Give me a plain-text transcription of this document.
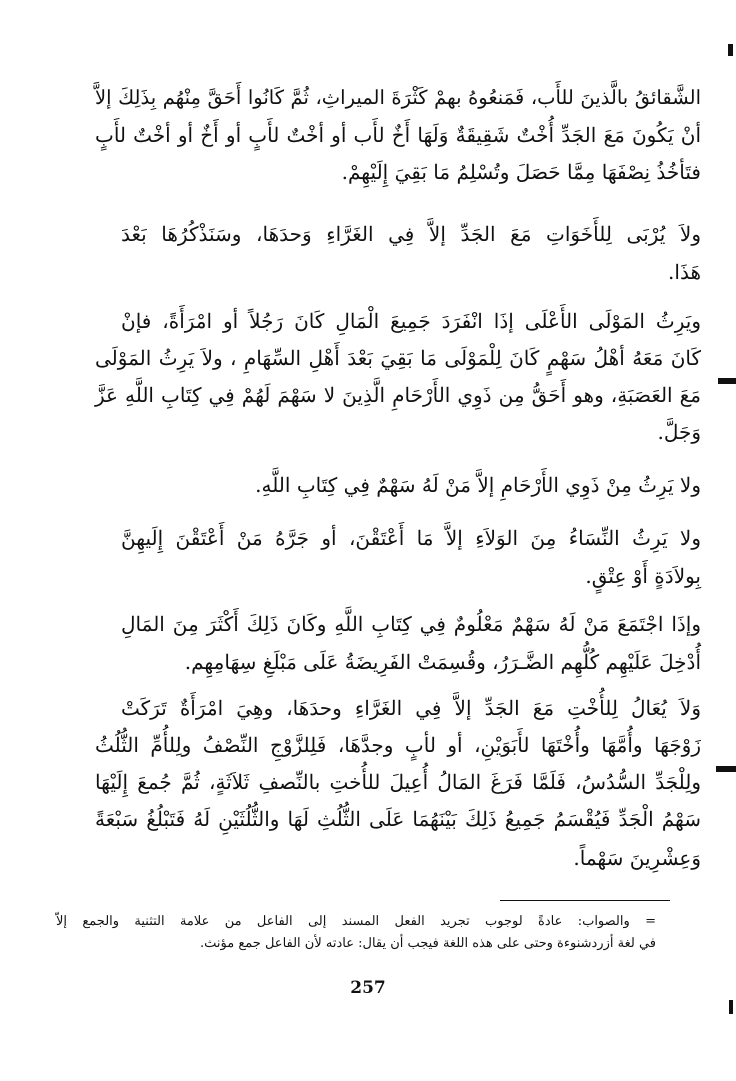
الشَّقائقُ بالَّذينَ للأَب، فَمَنعُوهُ بهمْ كَثْرَةَ الميراثِ، ثُمَّ كَانُوا أَحَقَّ مِنْهُم بِذَلِكَ إلاَّ
أنْ يَكُونَ مَعَ الجَدِّ أُخْتٌ شَقِيقَةٌ وَلَهَا أَخٌ لأَب أو أخْتٌ لأَبٍ أو أَخٌ أو أخْتٌ لأَبٍ
فتَأخُذُ نِصْفَهَا مِمَّا حَصَلَ وتُسْلِمُ مَا بَقِيَ إِلَيْهِمْ.
ولاَ يُرْبَى لِلأَخَوَاتِ مَعَ الجَدِّ إلاَّ فِي الغَرَّاءِ وَحدَهَا، وسَنَذْكُرُهَا بَعْدَ
هَذَا.
ويَرِثُ المَوْلَى الأَعْلَى إذَا انْفَرَدَ جَمِيعَ الْمَالِ كَانَ رَجُلاً أو امْرَأَةً، فإنْ
كَانَ مَعَهُ أهْلُ سَهْمٍ كَانَ لِلْمَوْلَى مَا بَقِيَ بَعْدَ أَهْلِ السِّهَامِ ، ولاَ يَرِثُ المَوْلَى
مَعَ العَصَبَةِ، وهو أَحَقُّ مِن ذَوِي الأَرْحَامِ الَّذِينَ لا سَهْمَ لَهُمْ فِي كِتَابِ اللَّهِ عَزَّ
وَجَلَّ.
ولا يَرِثُ مِنْ ذَوِي الأَرْحَامِ إلاَّ مَنْ لَهُ سَهْمٌ فِي كِتَابِ اللَّهِ.
ولا يَرِثُ النِّسَاءُ مِنَ الوَلاَءِ إلاَّ مَا أَعْتَقْنَ، أو جَرَّهُ مَنْ أَعْتَقْنَ إِلَيهِنَّ
بِولاَدَةٍ أَوْ عِتْقٍ.
وإذَا اجْتَمَعَ مَنْ لَهُ سَهْمٌ مَعْلُومٌ فِي كِتَابِ اللَّهِ وكَانَ ذَلِكَ أَكْثَرَ مِنَ المَالِ
أُدْخِلَ عَلَيْهِم كُلُّهِم الضَّـرَرُ، وقُسِمَتْ الفَرِيضَةُ عَلَى مَبْلَغِ سِهَامِهِم.
وَلاَ يُعَالُ لِلأُخْتِ مَعَ الجَدِّ إلاَّ فِي الغَرَّاءِ وحدَهَا، وهِيَ امْرَأَةٌ تَرَكَتْ
زَوْجَهَا وأُمَّهَا وأُخْتَهَا لأَبَوَيْنِ، أو لأبٍ وجدَّهَا، فَلِلزَّوْجِ النِّصْفُ ولِلأُمِّ الثُّلُثُ
ولِلْجَدِّ السُّدُسُ، فَلَمَّا فَرَغَ المَالُ أُعِيلَ للأُختِ بالنِّصفِ ثَلاَثَةٍ، ثُمَّ جُمعَ إِلَيْهَا
سَهْمُ الْجَدِّ فَيُقْسَمُ جَمِيعُ ذَلِكَ بَيْنَهُمَا عَلَى الثُّلُثِ لَهَا والثُّلُثَيْنِ لَهُ فَتَبْلُغُ سَبْعَةً
وَعِشْرِينَ سَهْماً.
= والصواب: عادةً لوجوب تجريد الفعل المسند إلى الفاعل من علامة التثنية والجمع إلاّ
في لغة أزردشنوءة وحتى على هذه اللغة فيجب أن يقال: عادته لأن الفاعل جمع مؤنث.
257
